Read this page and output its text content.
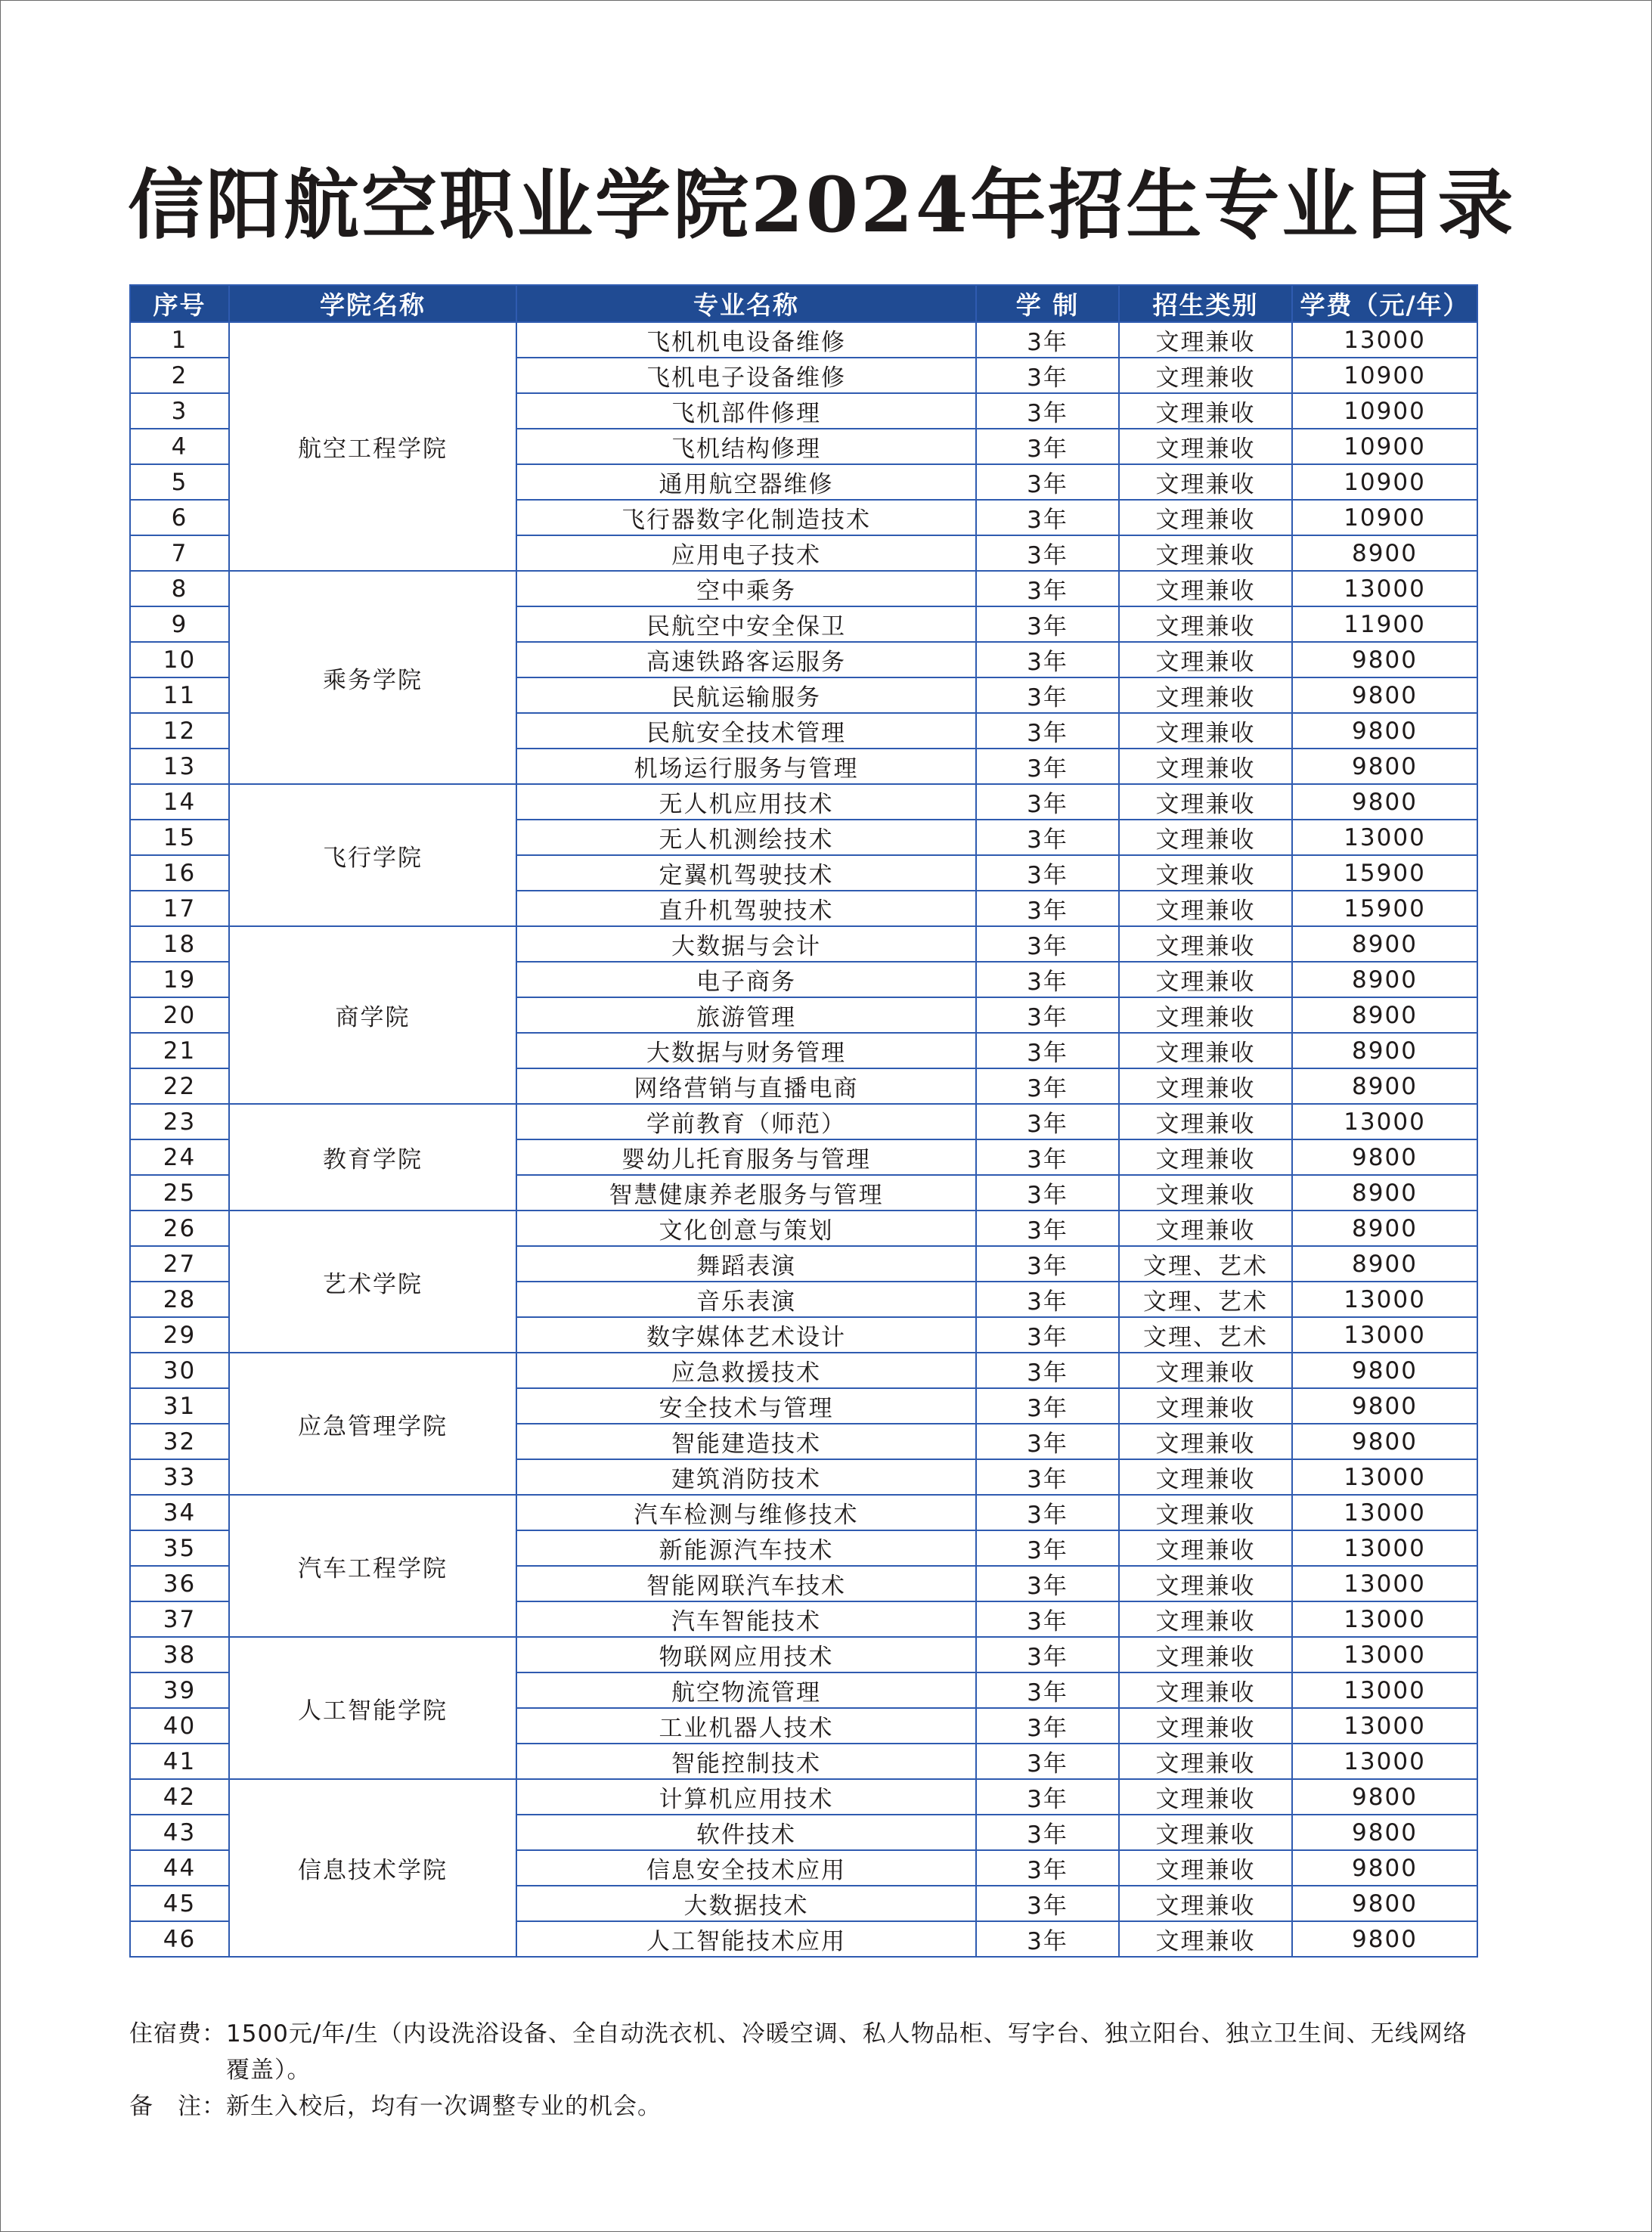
信阳航空职业学院2024年招生专业目录
序号	学院名称	专业名称	学 制	招生类别	学费（元/年）
1	航空工程学院	飞机机电设备维修	3年	文理兼收	13000
2		飞机电子设备维修	3年	文理兼收	10900
3		飞机部件修理	3年	文理兼收	10900
4		飞机结构修理	3年	文理兼收	10900
5		通用航空器维修	3年	文理兼收	10900
6		飞行器数字化制造技术	3年	文理兼收	10900
7		应用电子技术	3年	文理兼收	8900
8	乘务学院	空中乘务	3年	文理兼收	13000
9		民航空中安全保卫	3年	文理兼收	11900
10		高速铁路客运服务	3年	文理兼收	9800
11		民航运输服务	3年	文理兼收	9800
12		民航安全技术管理	3年	文理兼收	9800
13		机场运行服务与管理	3年	文理兼收	9800
14	飞行学院	无人机应用技术	3年	文理兼收	9800
15		无人机测绘技术	3年	文理兼收	13000
16		定翼机驾驶技术	3年	文理兼收	15900
17		直升机驾驶技术	3年	文理兼收	15900
18	商学院	大数据与会计	3年	文理兼收	8900
19		电子商务	3年	文理兼收	8900
20		旅游管理	3年	文理兼收	8900
21		大数据与财务管理	3年	文理兼收	8900
22		网络营销与直播电商	3年	文理兼收	8900
23	教育学院	学前教育（师范）	3年	文理兼收	13000
24		婴幼儿托育服务与管理	3年	文理兼收	9800
25		智慧健康养老服务与管理	3年	文理兼收	8900
26	艺术学院	文化创意与策划	3年	文理兼收	8900
27		舞蹈表演	3年	文理、艺术	8900
28		音乐表演	3年	文理、艺术	13000
29		数字媒体艺术设计	3年	文理、艺术	13000
30	应急管理学院	应急救援技术	3年	文理兼收	9800
31		安全技术与管理	3年	文理兼收	9800
32		智能建造技术	3年	文理兼收	9800
33		建筑消防技术	3年	文理兼收	13000
34	汽车工程学院	汽车检测与维修技术	3年	文理兼收	13000
35		新能源汽车技术	3年	文理兼收	13000
36		智能网联汽车技术	3年	文理兼收	13000
37		汽车智能技术	3年	文理兼收	13000
38	人工智能学院	物联网应用技术	3年	文理兼收	13000
39		航空物流管理	3年	文理兼收	13000
40		工业机器人技术	3年	文理兼收	13000
41		智能控制技术	3年	文理兼收	13000
42	信息技术学院	计算机应用技术	3年	文理兼收	9800
43		软件技术	3年	文理兼收	9800
44		信息安全技术应用	3年	文理兼收	9800
45		大数据技术	3年	文理兼收	9800
46		人工智能技术应用	3年	文理兼收	9800
住宿费： 1500元/年/生（内设洗浴设备、全自动洗衣机、冷暖空调、私人物品柜、写字台、独立阳台、独立卫生间、无线网络覆盖）。
备　注： 新生入校后，均有一次调整专业的机会。
